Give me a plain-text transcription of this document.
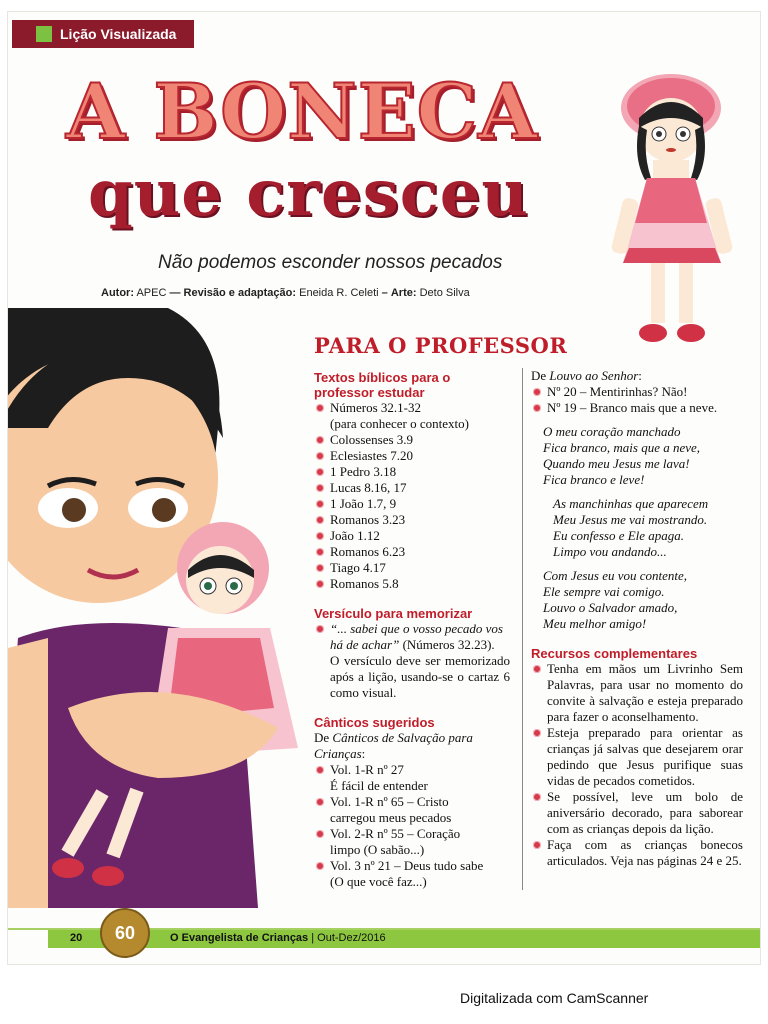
Lição Visualizada
A BONECA
que cresceu
Não podemos esconder nossos pecados
Autor: APEC — Revisão e adaptação: Eneida R. Celeti – Arte: Deto Silva
PARA O PROFESSOR

Textos bíblicos para o professor estudar

Números 32.1-32
(para conhecer o contexto)
Colossenses 3.9
Eclesiastes 7.20
1 Pedro 3.18
Lucas 8.16, 17
1 João 1.7, 9
Romanos 3.23
João 1.12
Romanos 6.23
Tiago 4.17
Romanos 5.8

Versículo para memorizar

“... sabei que o vosso pecado vos há de achar” (Números 32.23).
O versículo deve ser memorizado após a lição, usando-se o cartaz 6 como visual.

Cânticos sugeridos

De Cânticos de Salvação para Crianças:
Vol. 1-R nº 27
É fácil de entender
Vol. 1-R nº 65 – Cristo
carregou meus pecados
Vol. 2-R nº 55 – Coração
limpo (O sabão...)
Vol. 3 nº 21 – Deus tudo sabe
(O que você faz...)
De Louvo ao Senhor:
Nº 20 – Mentirinhas? Não!
Nº 19 – Branco mais que a neve.
O meu coração manchado
Fica branco, mais que a neve,
Quando meu Jesus me lava!
Fica branco e leve!
As manchinhas que aparecem
Meu Jesus me vai mostrando.
Eu confesso e Ele apaga.
Limpo vou andando...
Com Jesus eu vou contente,
Ele sempre vai comigo.
Louvo o Salvador amado,
Meu melhor amigo!

Recursos complementares

Tenha em mãos um Livrinho Sem Palavras, para usar no momento do convite à salvação e esteja preparado para fazer o aconselhamento.
Esteja preparado para orientar as crianças já salvas que desejarem orar pedindo que Jesus purifique suas vidas de pecados cometidos.
Se possível, leve um bolo de aniversário decorado, para saborear com as crianças depois da lição.
Faça com as crianças bonecos articulados. Veja nas páginas 24 e 25.
20 60	O Evangelista de Crianças | Out-Dez/2016
Digitalizada com CamScanner
